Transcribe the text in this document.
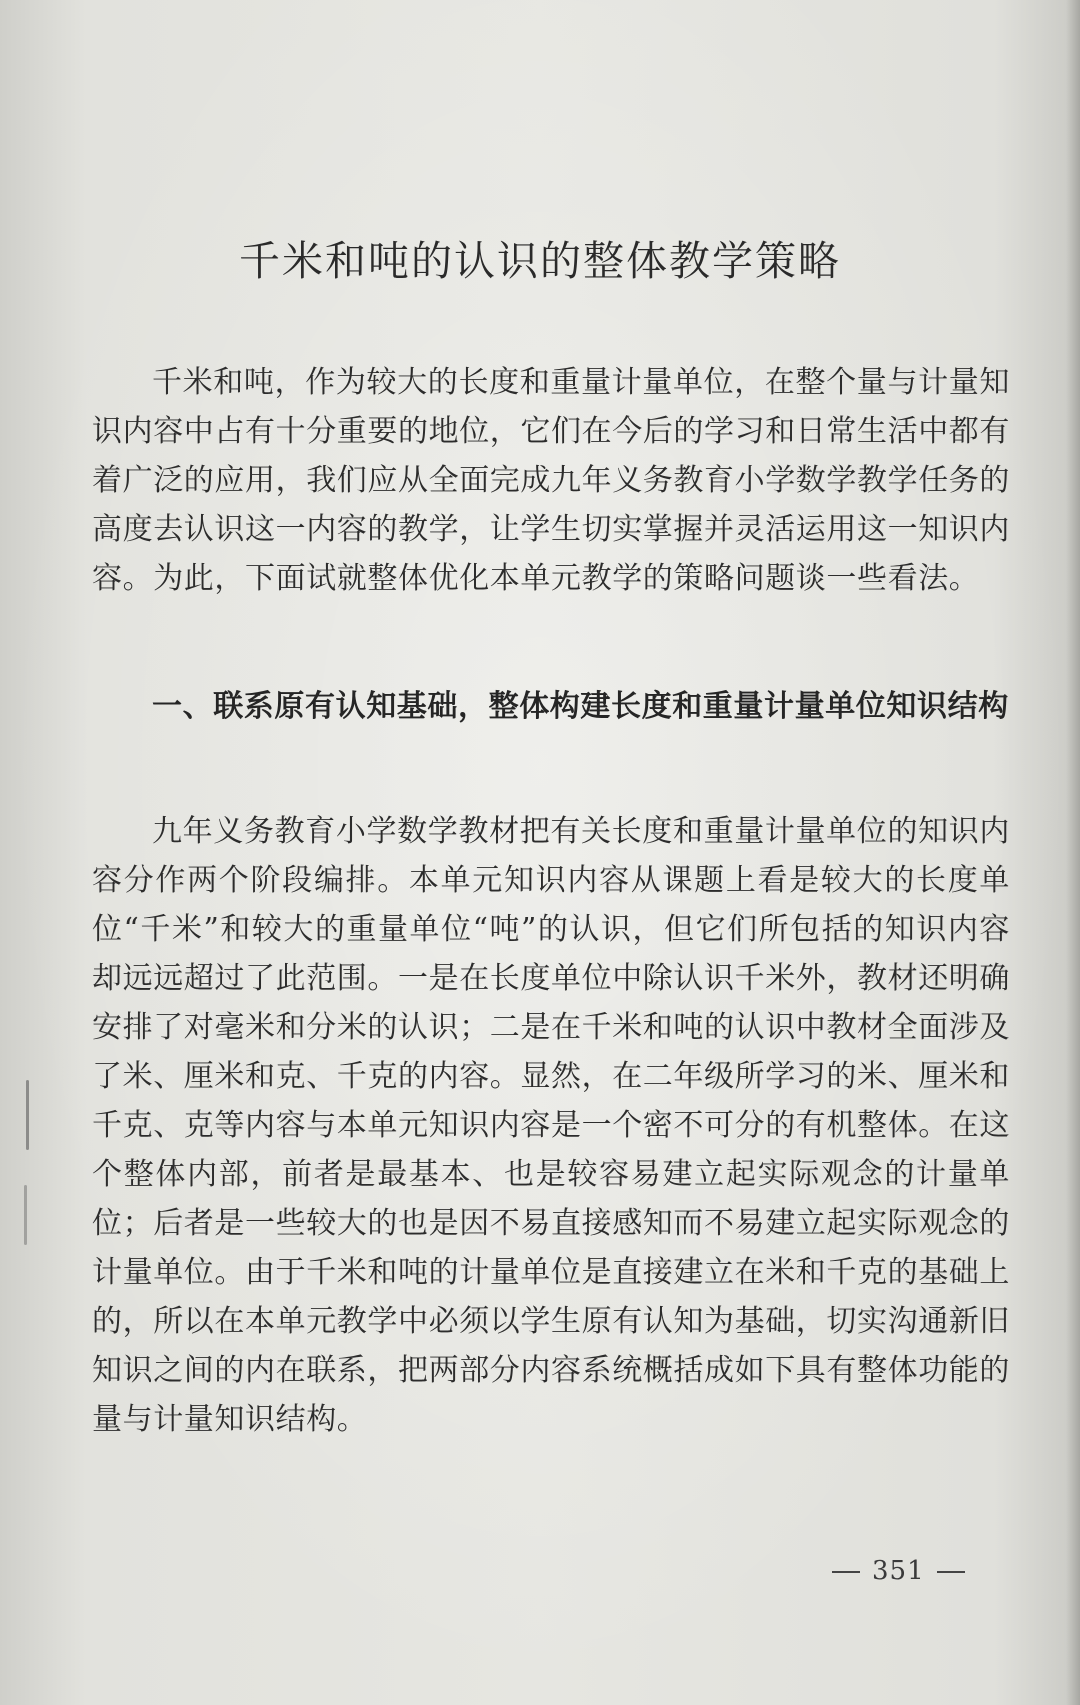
千米和吨的认识的整体教学策略

千米和吨，作为较大的长度和重量计量单位，在整个量与计量知识内容中占有十分重要的地位，它们在今后的学习和日常生活中都有着广泛的应用，我们应从全面完成九年义务教育小学数学教学任务的高度去认识这一内容的教学，让学生切实掌握并灵活运用这一知识内容。为此，下面试就整体优化本单元教学的策略问题谈一些看法。

一、联系原有认知基础，整体构建长度和重量计量单位知识结构

九年义务教育小学数学教材把有关长度和重量计量单位的知识内容分作两个阶段编排。本单元知识内容从课题上看是较大的长度单位“千米”和较大的重量单位“吨”的认识，但它们所包括的知识内容却远远超过了此范围。一是在长度单位中除认识千米外，教材还明确安排了对毫米和分米的认识；二是在千米和吨的认识中教材全面涉及了米、厘米和克、千克的内容。显然，在二年级所学习的米、厘米和千克、克等内容与本单元知识内容是一个密不可分的有机整体。在这个整体内部，前者是最基本、也是较容易建立起实际观念的计量单位；后者是一些较大的也是因不易直接感知而不易建立起实际观念的计量单位。由于千米和吨的计量单位是直接建立在米和千克的基础上的，所以在本单元教学中必须以学生原有认知为基础，切实沟通新旧知识之间的内在联系，把两部分内容系统概括成如下具有整体功能的量与计量知识结构。

351
